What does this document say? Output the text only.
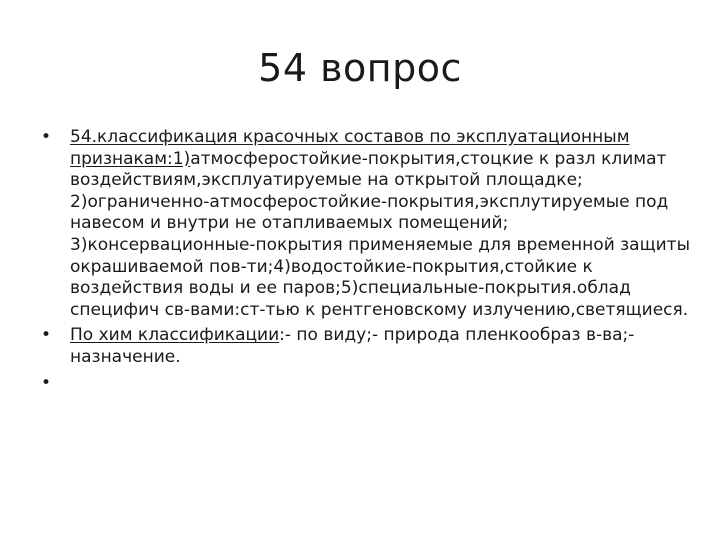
54 вопрос
• 54.классификация красочных составов по эксплуатационным признакам:1)атмосферостойкие-покрытия,стоцкие к разл климат воздействиям,эксплуатируемые на открытой площадке; 2)ограниченно-атмосферостойкие-покрытия,эксплутируемые под навесом и внутри не отапливаемых помещений; 3)консервационные-покрытия применяемые для временной защиты окрашиваемой пов-ти;4)водостойкие-покрытия,стойкие к воздействия воды и ее паров;5)специальные-покрытия.облад специфич св-вами:ст-тью к рентгеновскому излучению,светящиеся.
• По хим классификации:- по виду;- природа пленкообраз в-ва;-назначение.
•
